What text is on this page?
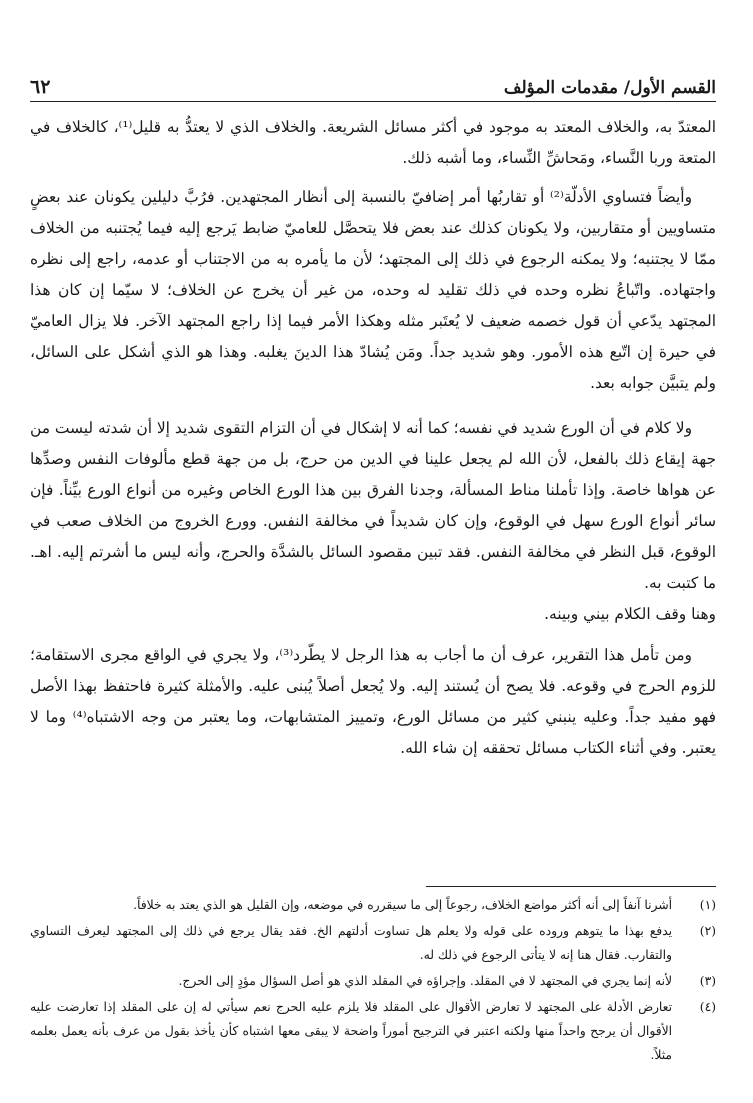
القسم الأول/ مقدمات المؤلف
٦٢

المعتدّ به، والخلاف المعتد به موجود في أكثر مسائل الشريعة. والخلاف الذي لا يعتدُّ به قليل⁽¹⁾، كالخلاف في المتعة وربا النَّساء، ومَحاشِّ النِّساء، وما أشبه ذلك.

وأيضاً فتساوي الأدلّة⁽²⁾ أو تقاربُها أمر إضافيّ بالنسبة إلى أنظار المجتهدين. فرُبَّ دليلين يكونان عند بعضٍ متساويين أو متقاربين، ولا يكونان كذلك عند بعض فلا يتحصَّل للعاميّ ضابط يَرجع إليه فيما يُجتنبه من الخلاف ممّا لا يجتنبه؛ ولا يمكنه الرجوع في ذلك إلى المجتهد؛ لأن ما يأمره به من الاجتناب أو عدمه، راجع إلى نظره واجتهاده. واتّباعُ نظره وحده في ذلك تقليد له وحده، من غير أن يخرج عن الخلاف؛ لا سيّما إن كان هذا المجتهد يدّعي أن قول خصمه ضعيف لا يُعتَبر مثله وهكذا الأمر فيما إذا راجع المجتهد الآخر. فلا يزال العاميّ في حيرة إن اتّبع هذه الأمور. وهو شديد جداً. ومَن يُشادّ هذا الدينَ يغلبه. وهذا هو الذي أشكل على السائل، ولم يتبيَّن جوابه بعد.

ولا كلام في أن الورع شديد في نفسه؛ كما أنه لا إشكال في أن التزام التقوى شديد إلا أن شدته ليست من جهة إيقاع ذلك بالفعل، لأن الله لم يجعل علينا في الدين من حرج، بل من جهة قطع مألوفات النفس وصدِّها عن هواها خاصة. وإذا تأملنا مناط المسألة، وجدنا الفرق بين هذا الورع الخاص وغيره من أنواع الورع بيِّناً. فإن سائر أنواع الورع سهل في الوقوع، وإن كان شديداً في مخالفة النفس. وورع الخروج من الخلاف صعب في الوقوع، قبل النظر في مخالفة النفس. فقد تبين مقصود السائل بالشدَّة والحرج، وأنه ليس ما أشرتم إليه. اهـ. ما كتبت به.

وهنا وقف الكلام بيني وبينه.

ومن تأمل هذا التقرير، عرف أن ما أجاب به هذا الرجل لا يطّرد⁽³⁾، ولا يجري في الواقع مجرى الاستقامة؛ للزوم الحرج في وقوعه. فلا يصح أن يُستند إليه. ولا يُجعل أصلاً يُبنى عليه. والأمثلة كثيرة فاحتفظ بهذا الأصل فهو مفيد جداً. وعليه ينبني كثير من مسائل الورع، وتمييز المتشابهات، وما يعتبر من وجه الاشتباه⁽⁴⁾ وما لا يعتبر. وفي أثناء الكتاب مسائل تحققه إن شاء الله.

(١)
أشرنا آنفاً إلى أنه أكثر مواضع الخلاف، رجوعاً إلى ما سيقرره في موضعه، وإن القليل هو الذي يعتد به خلافاً.
(٢)
يدفع بهذا ما يتوهم وروده على قوله ولا يعلم هل تساوت أدلتهم الخ. فقد يقال يرجع في ذلك إلى المجتهد ليعرف التساوي والتقارب. فقال هنا إنه لا يتأتى الرجوع في ذلك له.
(٣)
لأنه إنما يجري في المجتهد لا في المقلد. وإجراؤه في المقلد الذي هو أصل السؤال مؤدٍ إلى الحرج.
(٤)
تعارض الأدلة على المجتهد لا تعارض الأقوال على المقلد فلا يلزم عليه الحرج نعم سيأتي له إن على المقلد إذا تعارضت عليه الأقوال أن يرجح واحداً منها ولكنه اعتبر في الترجيح أموراً واضحة لا يبقى معها اشتباه كأن يأخذ بقول من عرف بأنه يعمل بعلمه مثلاً.
